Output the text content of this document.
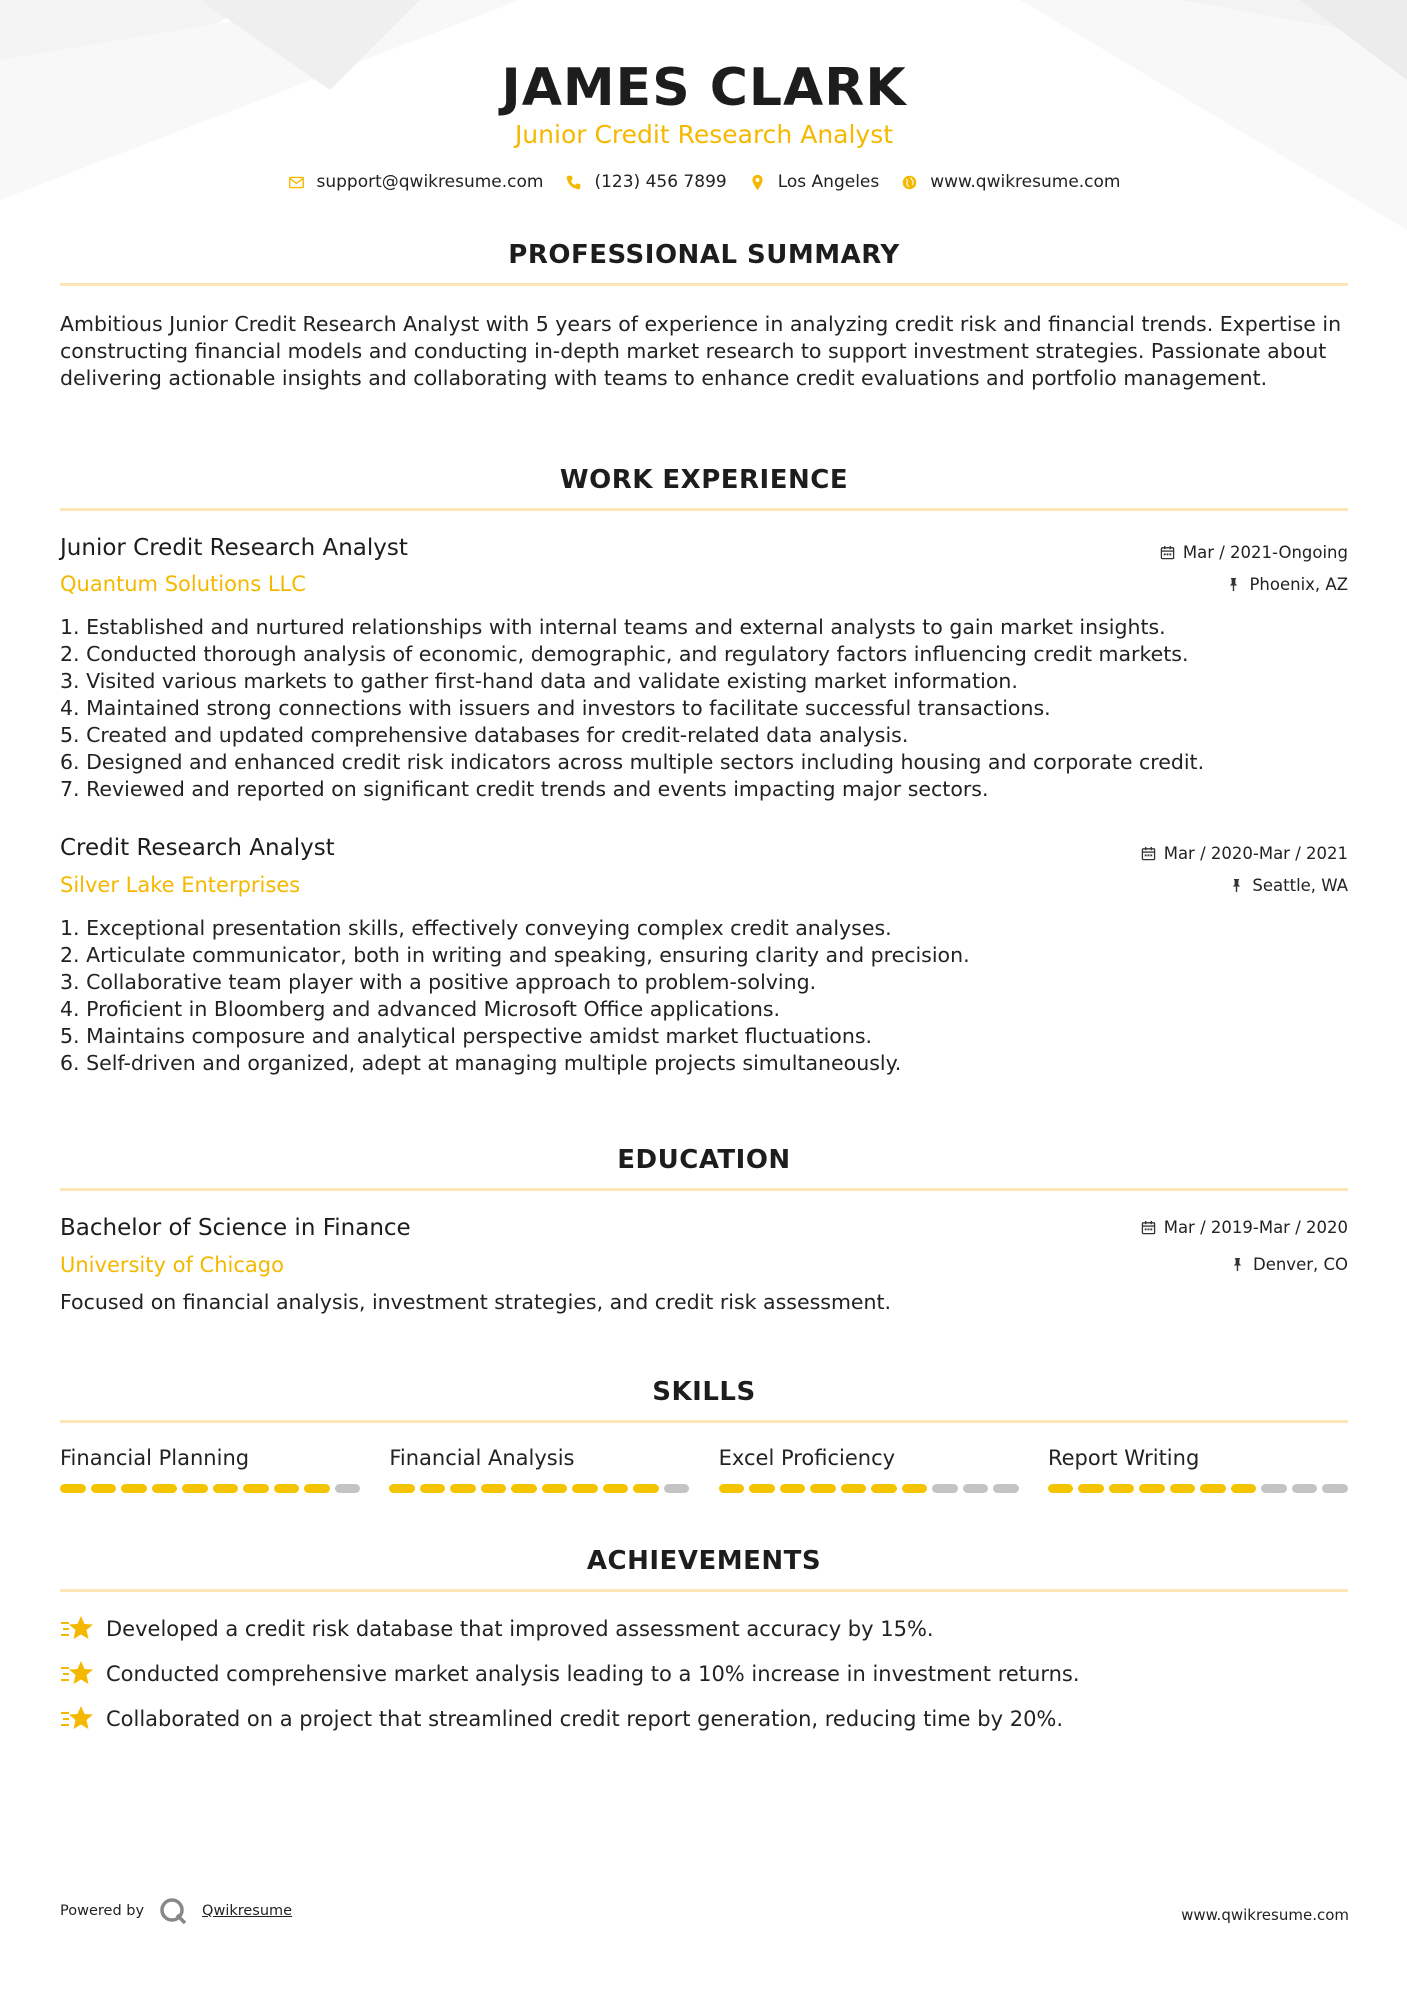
JAMES CLARK
Junior Credit Research Analyst
support@qwikresume.com	(123) 456 7899	Los Angeles	www.qwikresume.com
PROFESSIONAL SUMMARY
Ambitious Junior Credit Research Analyst with 5 years of experience in analyzing credit risk and financial trends. Expertise in constructing financial models and conducting in-depth market research to support investment strategies. Passionate about delivering actionable insights and collaborating with teams to enhance credit evaluations and portfolio management.
WORK EXPERIENCE
Junior Credit Research Analyst
Quantum Solutions LLC
Mar / 2021-Ongoing
Phoenix, AZ
1. Established and nurtured relationships with internal teams and external analysts to gain market insights.
2. Conducted thorough analysis of economic, demographic, and regulatory factors influencing credit markets.
3. Visited various markets to gather first-hand data and validate existing market information.
4. Maintained strong connections with issuers and investors to facilitate successful transactions.
5. Created and updated comprehensive databases for credit-related data analysis.
6. Designed and enhanced credit risk indicators across multiple sectors including housing and corporate credit.
7. Reviewed and reported on significant credit trends and events impacting major sectors.
Credit Research Analyst
Silver Lake Enterprises
Mar / 2020-Mar / 2021
Seattle, WA
1. Exceptional presentation skills, effectively conveying complex credit analyses.
2. Articulate communicator, both in writing and speaking, ensuring clarity and precision.
3. Collaborative team player with a positive approach to problem-solving.
4. Proficient in Bloomberg and advanced Microsoft Office applications.
5. Maintains composure and analytical perspective amidst market fluctuations.
6. Self-driven and organized, adept at managing multiple projects simultaneously.
EDUCATION
Bachelor of Science in Finance
University of Chicago
Mar / 2019-Mar / 2020
Denver, CO
Focused on financial analysis, investment strategies, and credit risk assessment.
SKILLS
Financial Planning	Financial Analysis	Excel Proficiency	Report Writing
ACHIEVEMENTS
Developed a credit risk database that improved assessment accuracy by 15%.
Conducted comprehensive market analysis leading to a 10% increase in investment returns.
Collaborated on a project that streamlined credit report generation, reducing time by 20%.
Powered by	Qwikresume	www.qwikresume.com
